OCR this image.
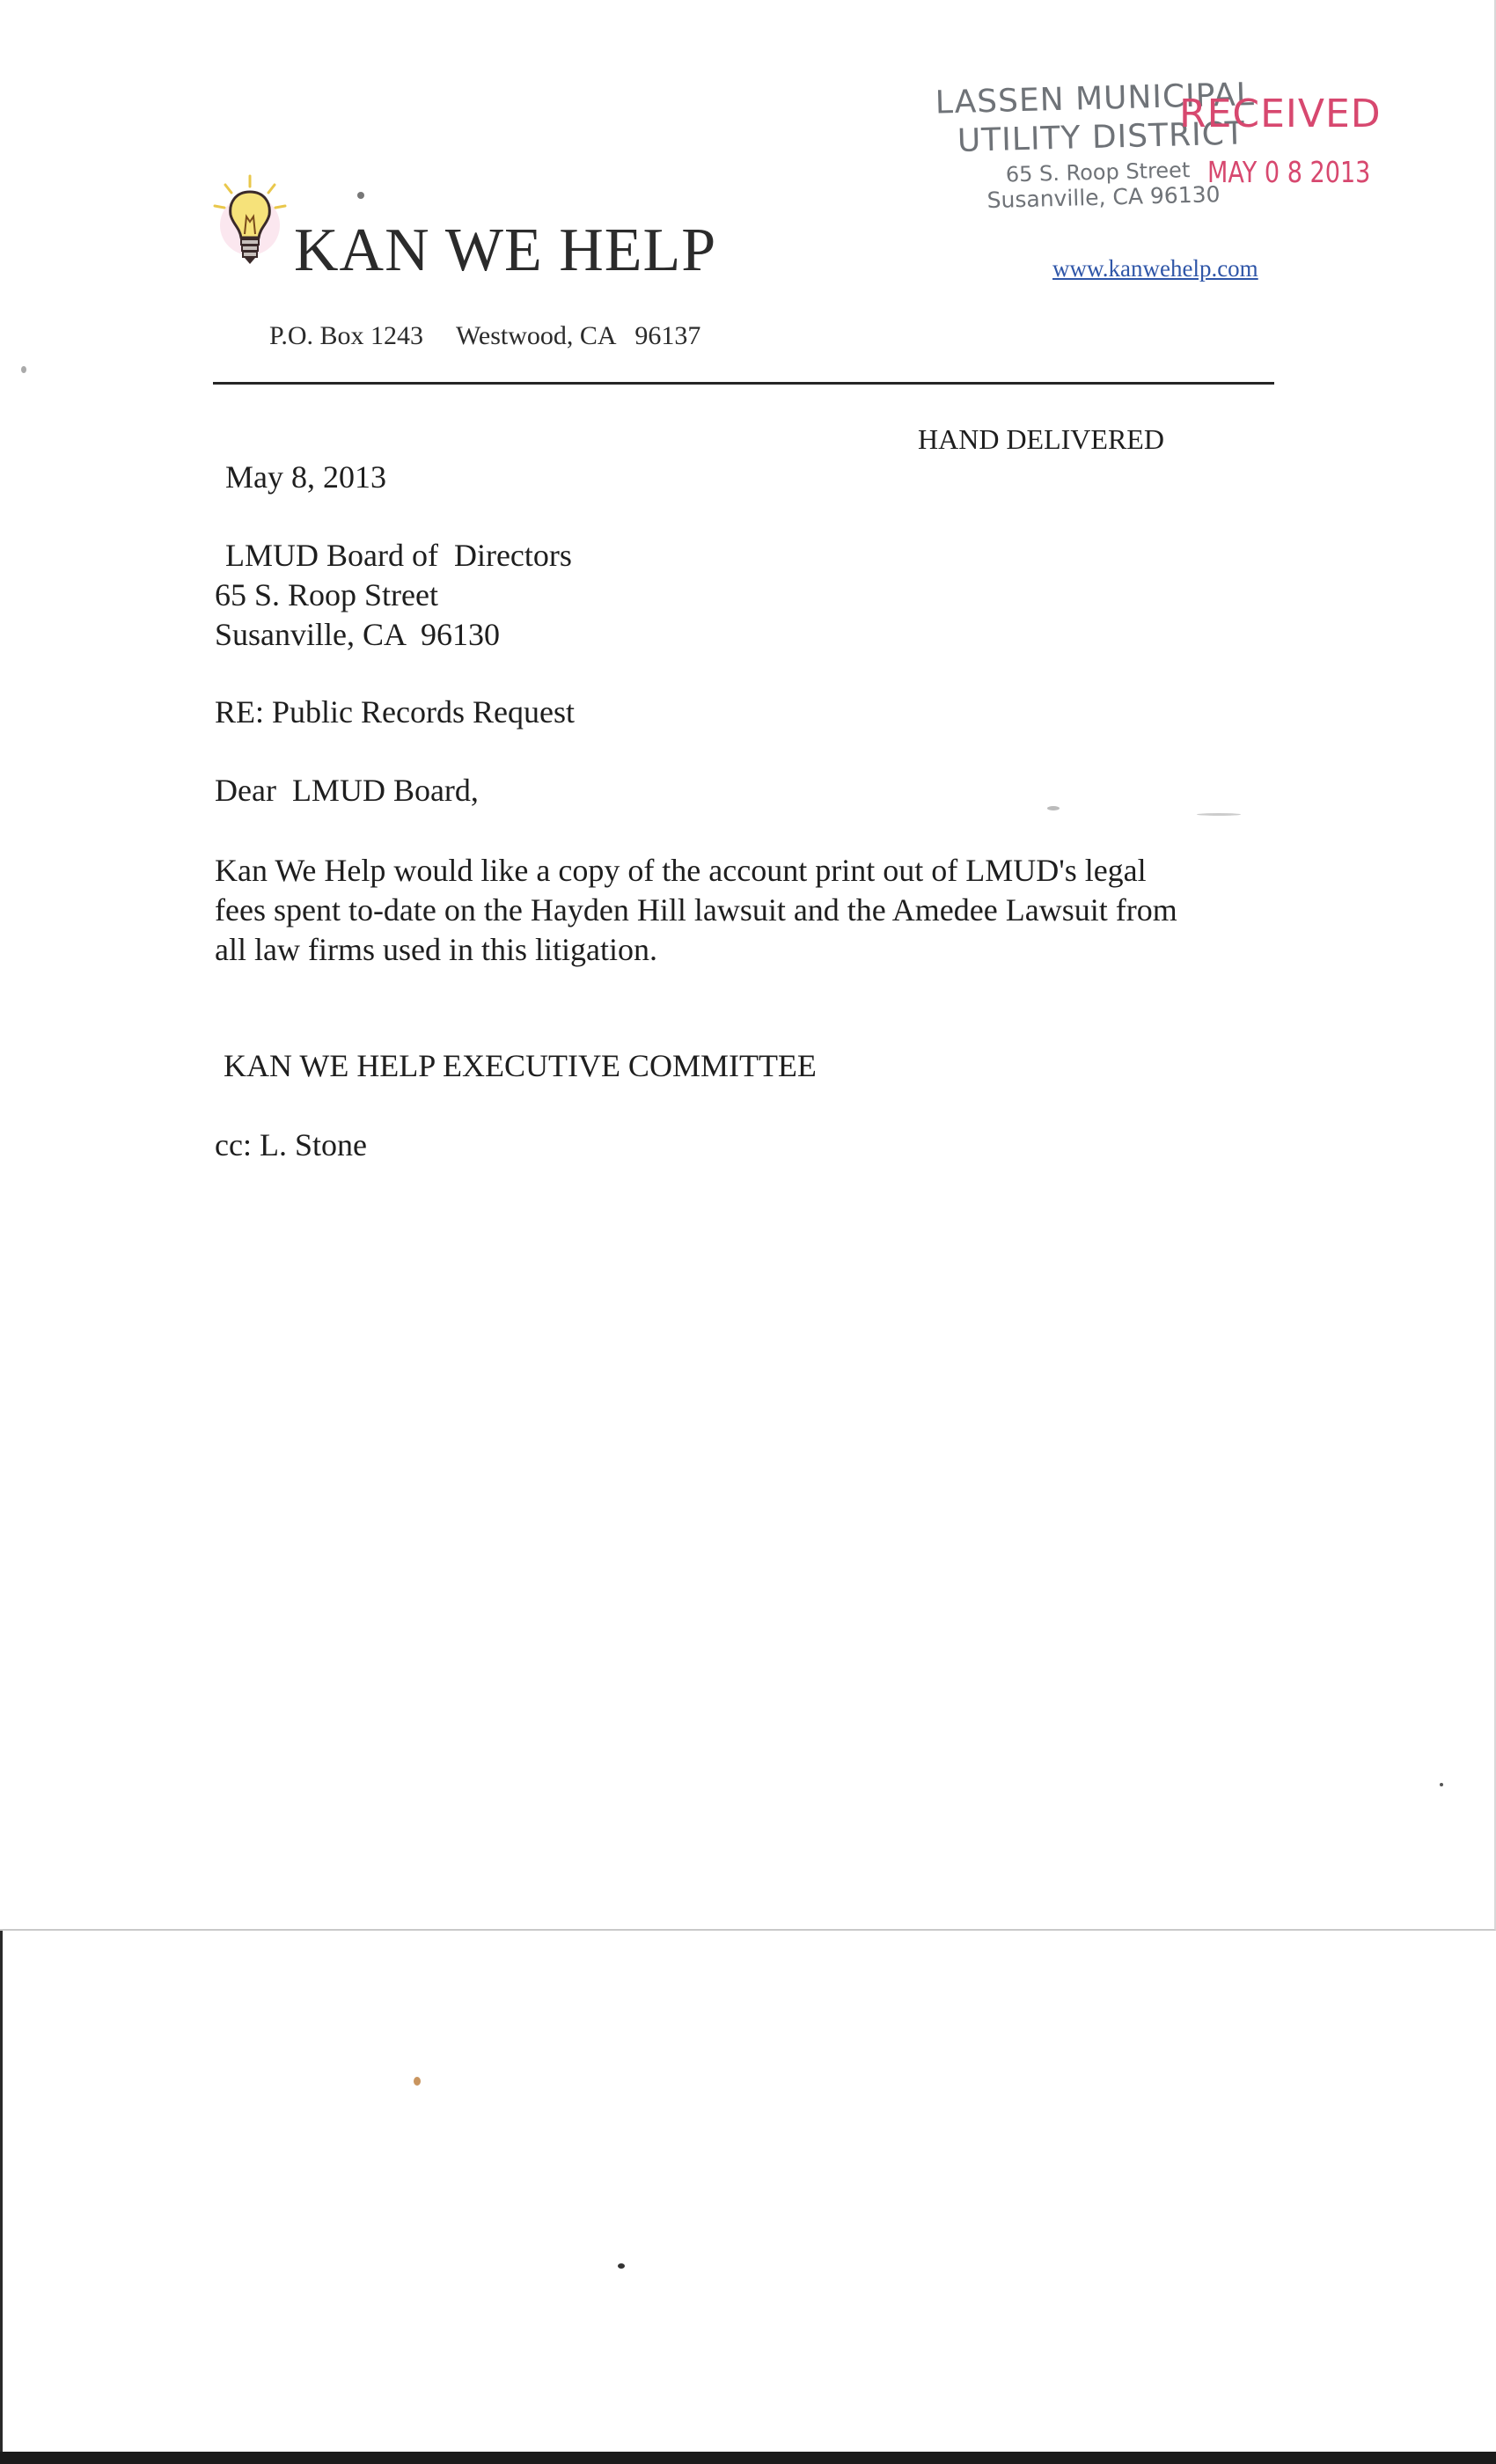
KAN WE HELP
P.O. Box 1243     Westwood, CA   96137
www.kanwehelp.com
LASSEN MUNICIPAL
UTILITY DISTRICT
65 S. Roop Street
Susanville, CA 96130
RECEIVED
MAY 0 8 2013
HAND DELIVERED
May 8, 2013
LMUD Board of  Directors
65 S. Roop Street
Susanville, CA  96130
RE: Public Records Request
Dear  LMUD Board,
Kan We Help would like a copy of the account print out of LMUD's legal
fees spent to-date on the Hayden Hill lawsuit and the Amedee Lawsuit from
all law firms used in this litigation.
KAN WE HELP EXECUTIVE COMMITTEE
cc: L. Stone
